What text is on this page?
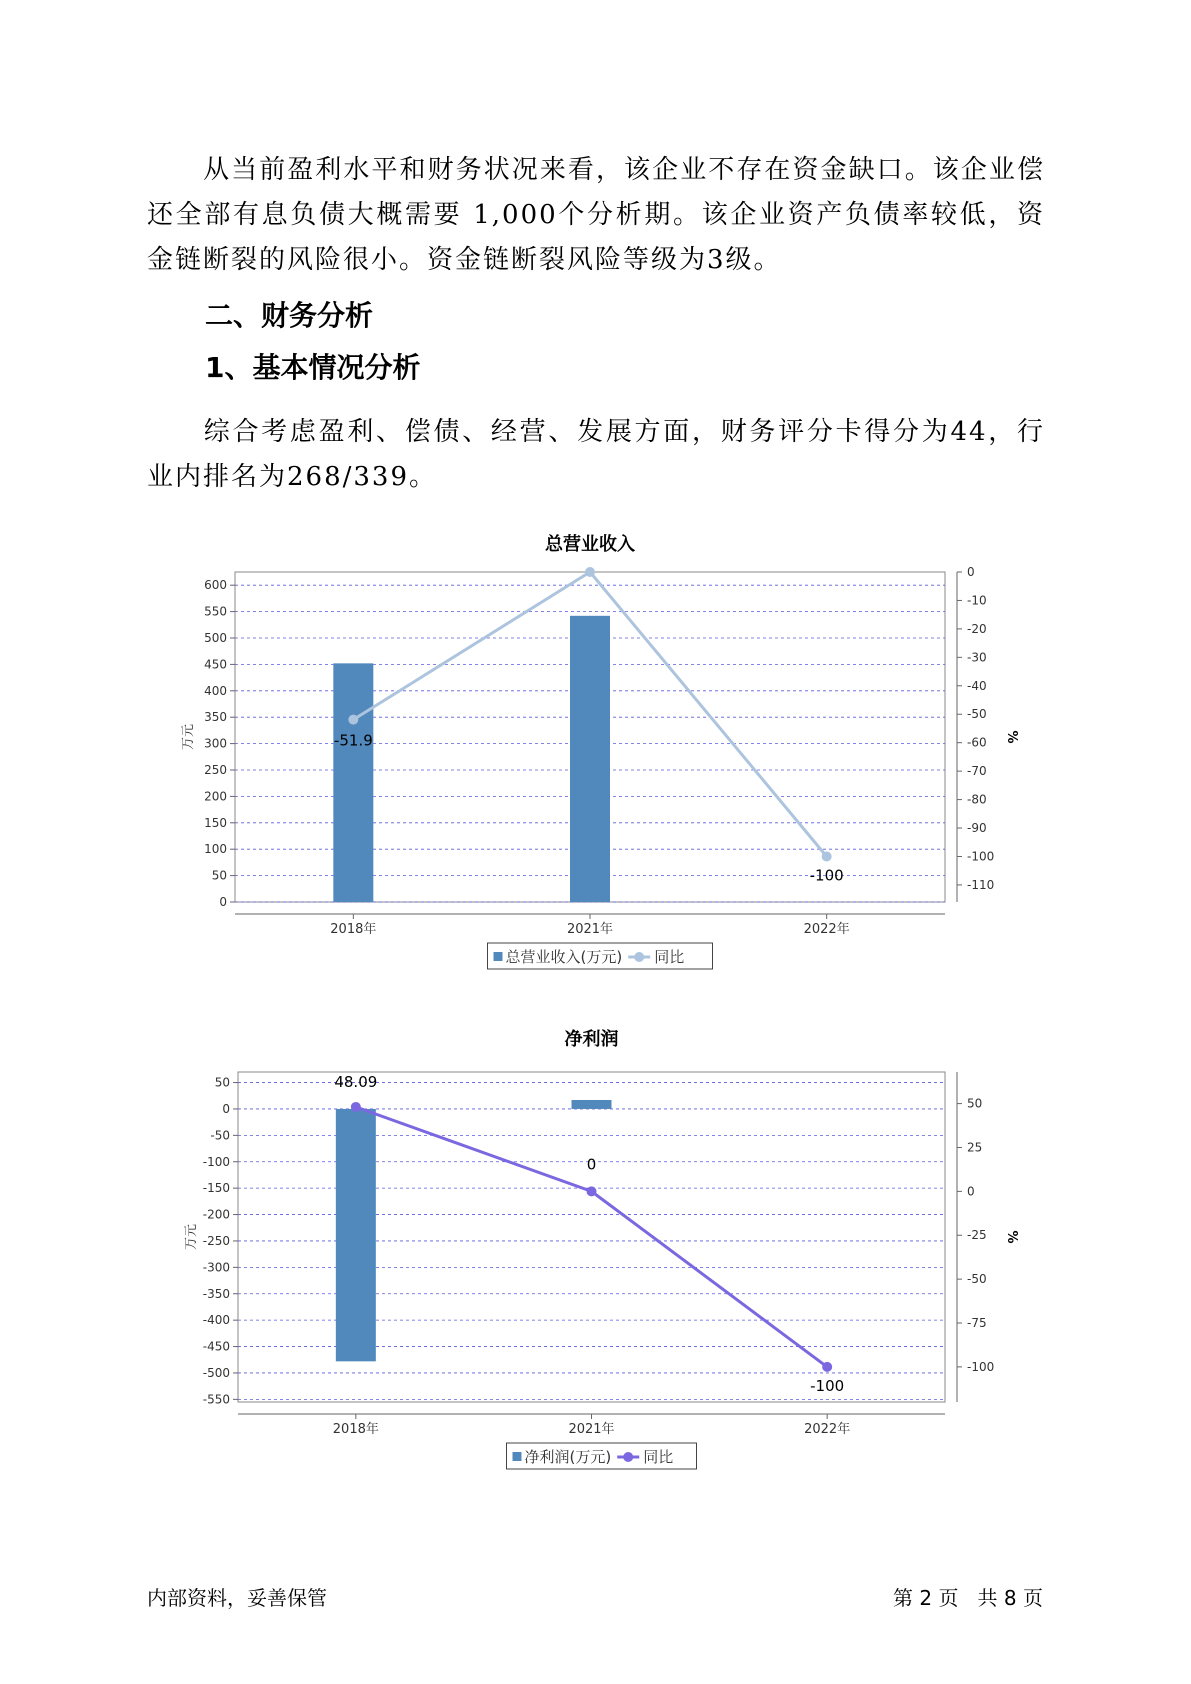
从当前盈利水平和财务状况来看，该企业不存在资金缺口。该企业偿还全部有息负债大概需要 1,000个分析期。该企业资产负债率较低，资金链断裂的风险很小。资金链断裂风险等级为3级。

二、财务分析
1、基本情况分析

综合考虑盈利、偿债、经营、发展方面，财务评分卡得分为44，行业内排名为268/339。

总营业收入
0
50
100
150
200
250
300
350
400
450
500
550
600
0
-10
-20
-30
-40
-50
-60
-70
-80
-90
-100
-110
2018年	2021年	2022年
万元	%
-51.9
-100
总营业收入(万元) 同比
净利润
50
0
-50
-100
-150
-200
-250
-300
-350
-400
-450
-500
-550
50
25
0
-25
-50
-75
-100
2018年	2021年	2022年
万元	%
48.09
0
-100
净利润(万元) 同比
内部资料，妥善保管	第 2 页   共 8 页
